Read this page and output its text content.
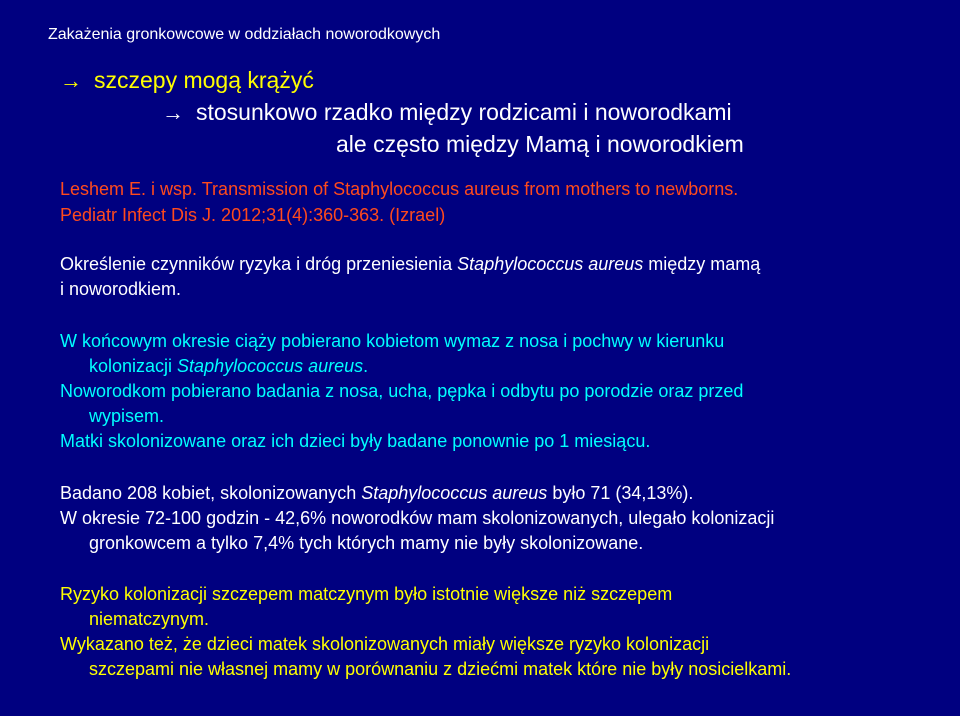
Zakażenia gronkowcowe w oddziałach noworodkowych
→ szczepy mogą krążyć
→ stosunkowo rzadko między rodzicami i noworodkami
ale często między Mamą i noworodkiem
Leshem E. i wsp. Transmission of Staphylococcus aureus from mothers to newborns.
Pediatr Infect Dis J. 2012;31(4):360-363. (Izrael)
Określenie czynników ryzyka i dróg przeniesienia Staphylococcus aureus między mamą
i noworodkiem.
W końcowym okresie ciąży pobierano kobietom wymaz z nosa i pochwy w kierunku
kolonizacji Staphylococcus aureus.
Noworodkom pobierano badania z nosa, ucha, pępka i odbytu po porodzie oraz przed
wypisem.
Matki skolonizowane oraz ich dzieci były badane ponownie po 1 miesiącu.
Badano 208 kobiet, skolonizowanych Staphylococcus aureus było 71 (34,13%).
W okresie 72-100 godzin - 42,6% noworodków mam skolonizowanych, ulegało kolonizacji
gronkowcem a tylko 7,4% tych których mamy nie były skolonizowane.
Ryzyko kolonizacji szczepem matczynym było istotnie większe niż szczepem
niematczynym.
Wykazano też, że dzieci matek skolonizowanych miały większe ryzyko kolonizacji
szczepami nie własnej mamy w porównaniu z dziećmi matek które nie były nosicielkami.
